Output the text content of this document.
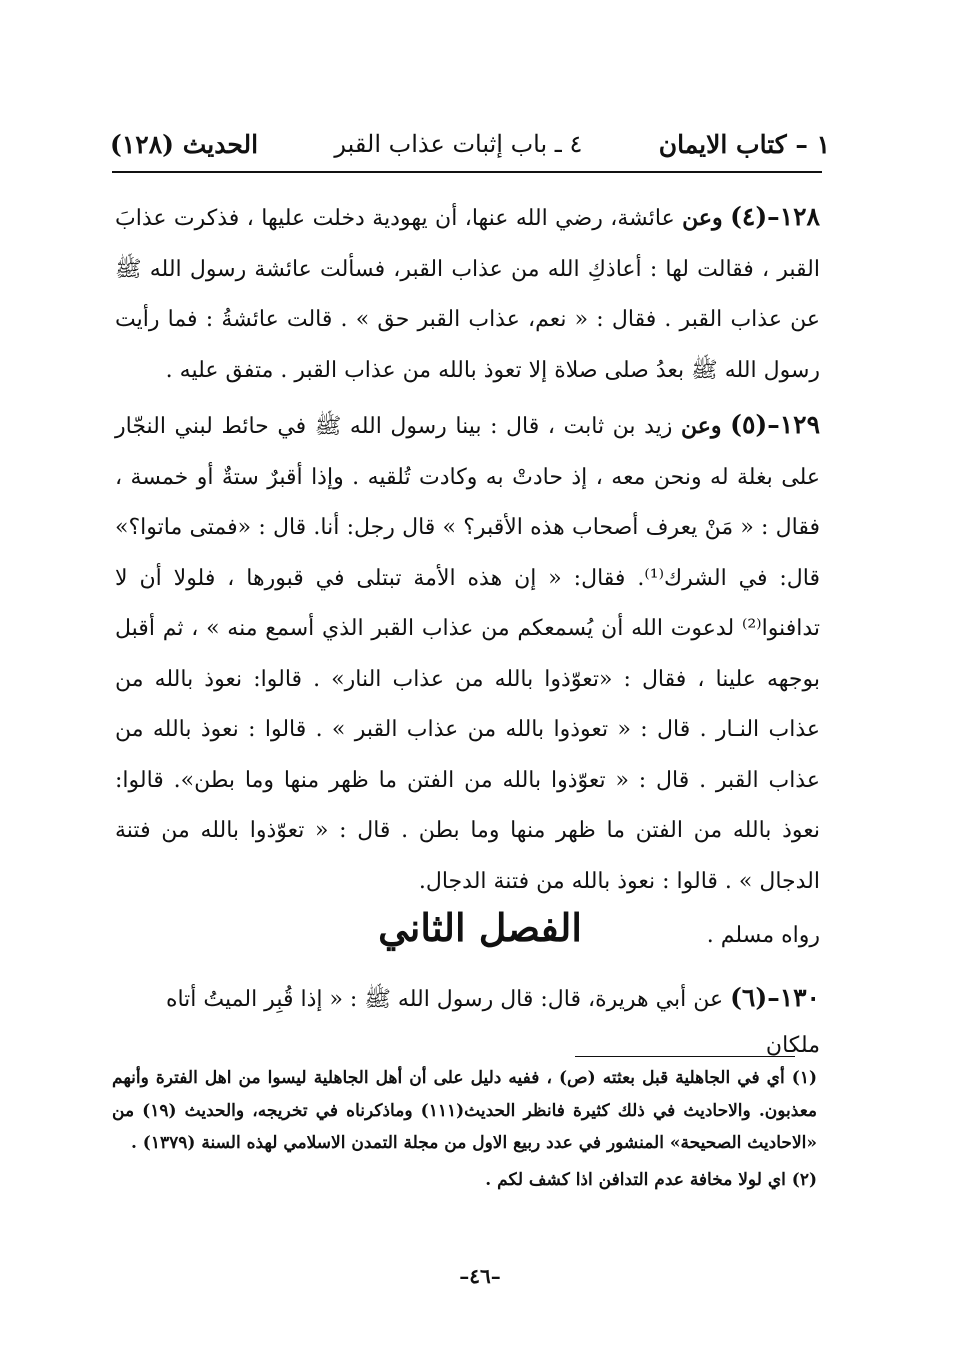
١ – كتاب الايمان
٤ ـ باب إثبات عذاب القبر
الحديث (١٢٨)

١٢٨–(٤) وعن عائشة، رضي الله عنها، أن يهودية دخلت عليها ، فذكرت عذابَ القبر ، فقالت لها : أعاذكِ الله من عذاب القبر، فسألت عائشة رسول الله ﷺ عن عذاب القبر . فقال : « نعم، عذاب القبر حق » . قالت عائشةُ : فما رأيت رسول الله ﷺ بعدُ صلى صلاة إلا تعوذ بالله من عذاب القبر . متفق عليه .

١٢٩–(٥) وعن زيد بن ثابت ، قال : بينا رسول الله ﷺ في حائط لبني النجّار على بغلة له ونحن معه ، إذ حادتْ به وكادت تُلقيه . وإذا أقبرٌ ستةٌ أو خمسة ، فقال : « مَنْ يعرف أصحاب هذه الأقبر؟ » قال رجل: أنا. قال : «فمتى ماتوا؟» قال: في الشرك⁽¹⁾. فقال: « إن هذه الأمة تبتلى في قبورها ، فلولا أن لا تدافنوا⁽²⁾ لدعوت الله أن يُسمعكم من عذاب القبر الذي أسمع منه » ، ثم أقبل بوجهه علينا ، فقال : «تعوّذوا بالله من عذاب النار» . قالوا: نعوذ بالله من عذاب النـار . قال : « تعوذوا بالله من عذاب القبر » . قالوا : نعوذ بالله من عذاب القبر . قال : « تعوّذوا بالله من الفتن ما ظهر منها وما بطن». قالوا: نعوذ بالله من الفتن ما ظهر منها وما بطن . قال : « تعوّذوا بالله من فتنة الدجال » . قالوا : نعوذ بالله من فتنة الدجال.

رواه مسلم .

الفصل الثاني
١٣٠–(٦) عن أبي هريرة، قال: قال رسول الله ﷺ : « إذا قُبِر الميتُ أتاه ملكان

(١) أي في الجاهلية قبل بعثته (ص) ، ففيه دليل على أن أهل الجاهلية ليسوا من اهل الفترة وأنهم معذبون. والاحاديث في ذلك كثيرة فانظر الحديث(١١١) وماذكرناه في تخريجه، والحديث (١٩) من «الاحاديث الصحيحة» المنشور في عدد ربيع الاول من مجلة التمدن الاسلامي لهذه السنة (١٣٧٩) .

(٢) اي لولا مخافة عدم التدافن اذا كشف لكم .

–٤٦–
